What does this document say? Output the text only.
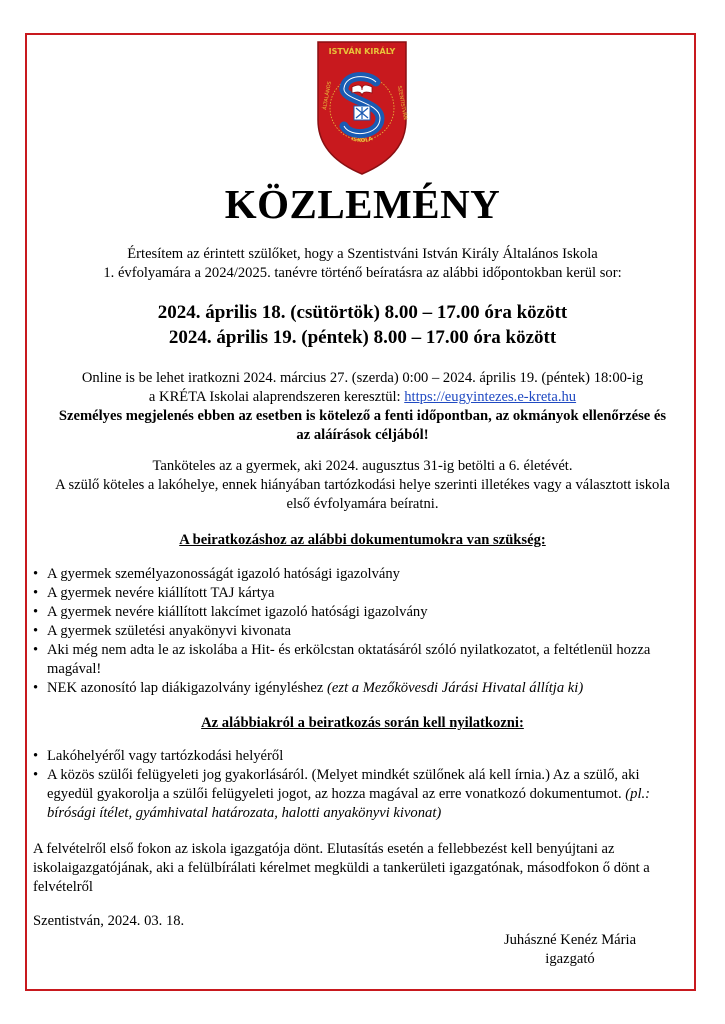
ISTVÁN KIRÁLY
ISKOLA
ÁLTALÁNOS	SZENTISTVÁN
KÖZLEMÉNY
Értesítem az érintett szülőket, hogy a Szentistváni István Király Általános Iskola
1. évfolyamára a 2024/2025. tanévre történő beíratásra az alábbi időpontokban kerül sor:
2024. április 18. (csütörtök) 8.00 – 17.00 óra között
2024. április 19. (péntek) 8.00 – 17.00 óra között
Online is be lehet iratkozni 2024. március 27. (szerda) 0:00 – 2024. április 19. (péntek) 18:00-ig
a KRÉTA Iskolai alaprendszeren keresztül: https://eugyintezes.e-kreta.hu
Személyes megjelenés ebben az esetben is kötelező a fenti időpontban, az okmányok ellenőrzése és
az aláírások céljából!
Tanköteles az a gyermek, aki 2024. augusztus 31-ig betölti a 6. életévét.
A szülő köteles a lakóhelye, ennek hiányában tartózkodási helye szerinti illetékes vagy a választott iskola
első évfolyamára beíratni.
A beiratkozáshoz az alábbi dokumentumokra van szükség:
• A gyermek személyazonosságát igazoló hatósági igazolvány
• A gyermek nevére kiállított TAJ kártya
• A gyermek nevére kiállított lakcímet igazoló hatósági igazolvány
• A gyermek születési anyakönyvi kivonata
• Aki még nem adta le az iskolába a Hit- és erkölcstan oktatásáról szóló nyilatkozatot, a feltétlenül hozza magával!
• NEK azonosító lap diákigazolvány igényléshez (ezt a Mezőkövesdi Járási Hivatal állítja ki)
Az alábbiakról a beiratkozás során kell nyilatkozni:
• Lakóhelyéről vagy tartózkodási helyéről
• A közös szülői felügyeleti jog gyakorlásáról. (Melyet mindkét szülőnek alá kell írnia.) Az a szülő, aki egyedül gyakorolja a szülői felügyeleti jogot, az hozza magával az erre vonatkozó dokumentumot. (pl.: bírósági ítélet, gyámhivatal határozata, halotti anyakönyvi kivonat)
A felvételről első fokon az iskola igazgatója dönt. Elutasítás esetén a fellebbezést kell benyújtani az iskolaigazgatójának, aki a felülbírálati kérelmet megküldi a tankerületi igazgatónak, másodfokon ő dönt a felvételről
Szentistván, 2024. 03. 18.
Juhászné Kenéz Mária
igazgató
